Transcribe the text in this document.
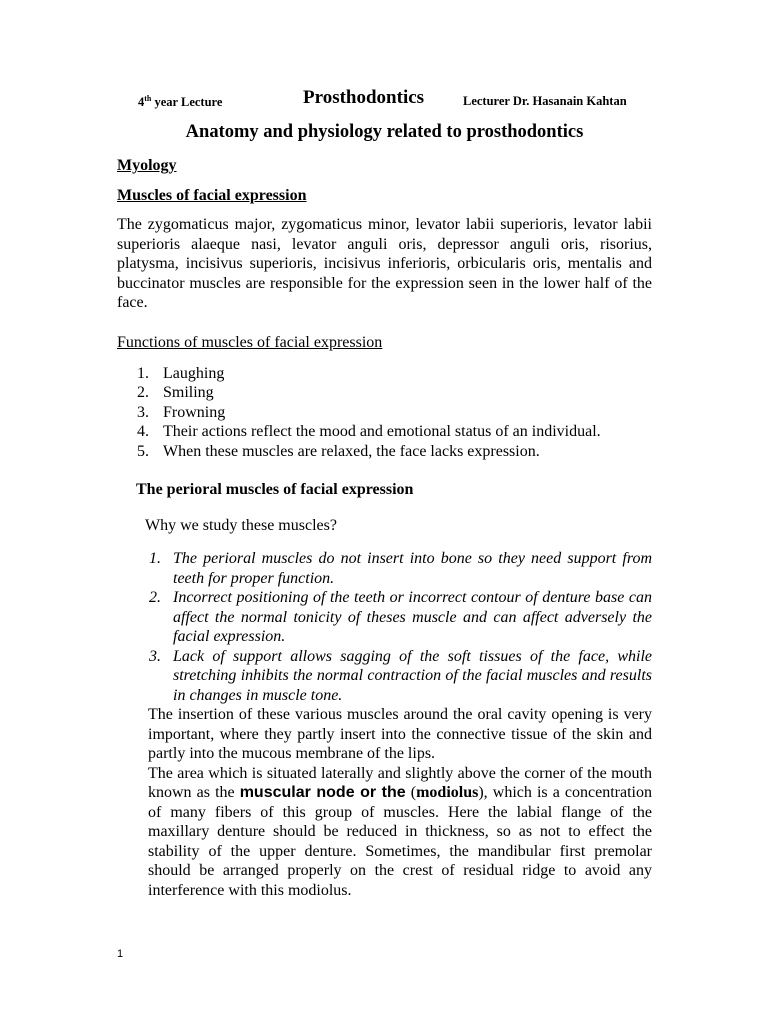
4th year Lecture	Prosthodontics	Lecturer Dr. Hasanain Kahtan
Anatomy and physiology related to prosthodontics
Myology
Muscles of facial expression

The zygomaticus major, zygomaticus minor, levator labii superioris, levator labii superioris alaeque nasi, levator anguli oris, depressor anguli oris, risorius, platysma, incisivus superioris, incisivus inferioris, orbicularis oris, mentalis and buccinator muscles are responsible for the expression seen in the lower half of the face.

Functions of muscles of facial expression
1. Laughing
2. Smiling
3. Frowning
4. Their actions reflect the mood and emotional status of an individual.
5. When these muscles are relaxed, the face lacks expression.
The perioral muscles of facial expression
Why we study these muscles?
1. The perioral muscles do not insert into bone so they need support from teeth for proper function.
2. Incorrect positioning of the teeth or incorrect contour of denture base can affect the normal tonicity of theses muscle and can affect adversely the facial expression.
3. Lack of support allows sagging of the soft tissues of the face, while stretching inhibits the normal contraction of the facial muscles and results in changes in muscle tone.

The insertion of these various muscles around the oral cavity opening is very important, where they partly insert into the connective tissue of the skin and partly into the mucous membrane of the lips.

The area which is situated laterally and slightly above the corner of the mouth known as the muscular node or the (modiolus), which is a concentration of many fibers of this group of muscles. Here the labial flange of the maxillary denture should be reduced in thickness, so as not to effect the stability of the upper denture. Sometimes, the mandibular first premolar should be arranged properly on the crest of residual ridge to avoid any interference with this modiolus.

1
